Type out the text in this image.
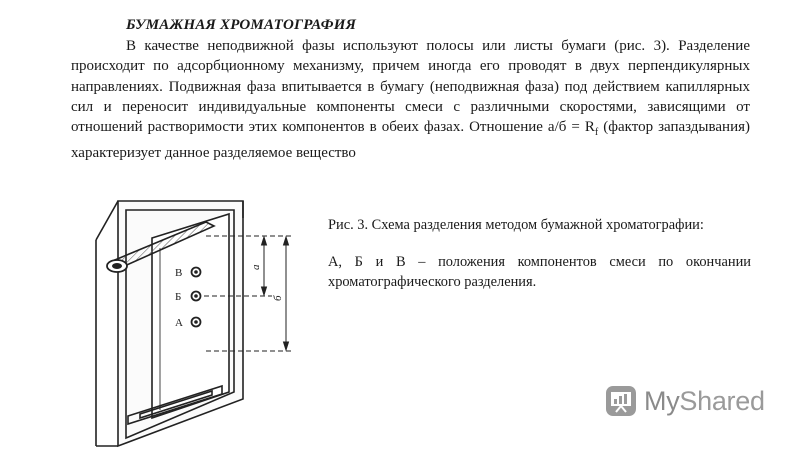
БУМАЖНАЯ ХРОМАТОГРАФИЯ
В качестве неподвижной фазы используют полосы или листы бумаги (рис. 3). Разделение происходит по адсорбционному механизму, причем иногда его проводят в двух перпендикулярных направлениях. Подвижная фаза впитывается в бумагу (неподвижная фаза) под действием капиллярных сил и переносит индивидуальные компоненты смеси с различными скоростями, зависящими от отношений растворимости этих компонентов в обеих фазах. Отношение $а/б = R_f$ (фактор запаздывания) характеризует данное разделяемое вещество
В
Б
А
а
б

Рис. 3. Схема разделения методом бумажной хроматографии:

А, Б и В – положения компонентов смеси по окончании хроматографического разделения.

MyShared
